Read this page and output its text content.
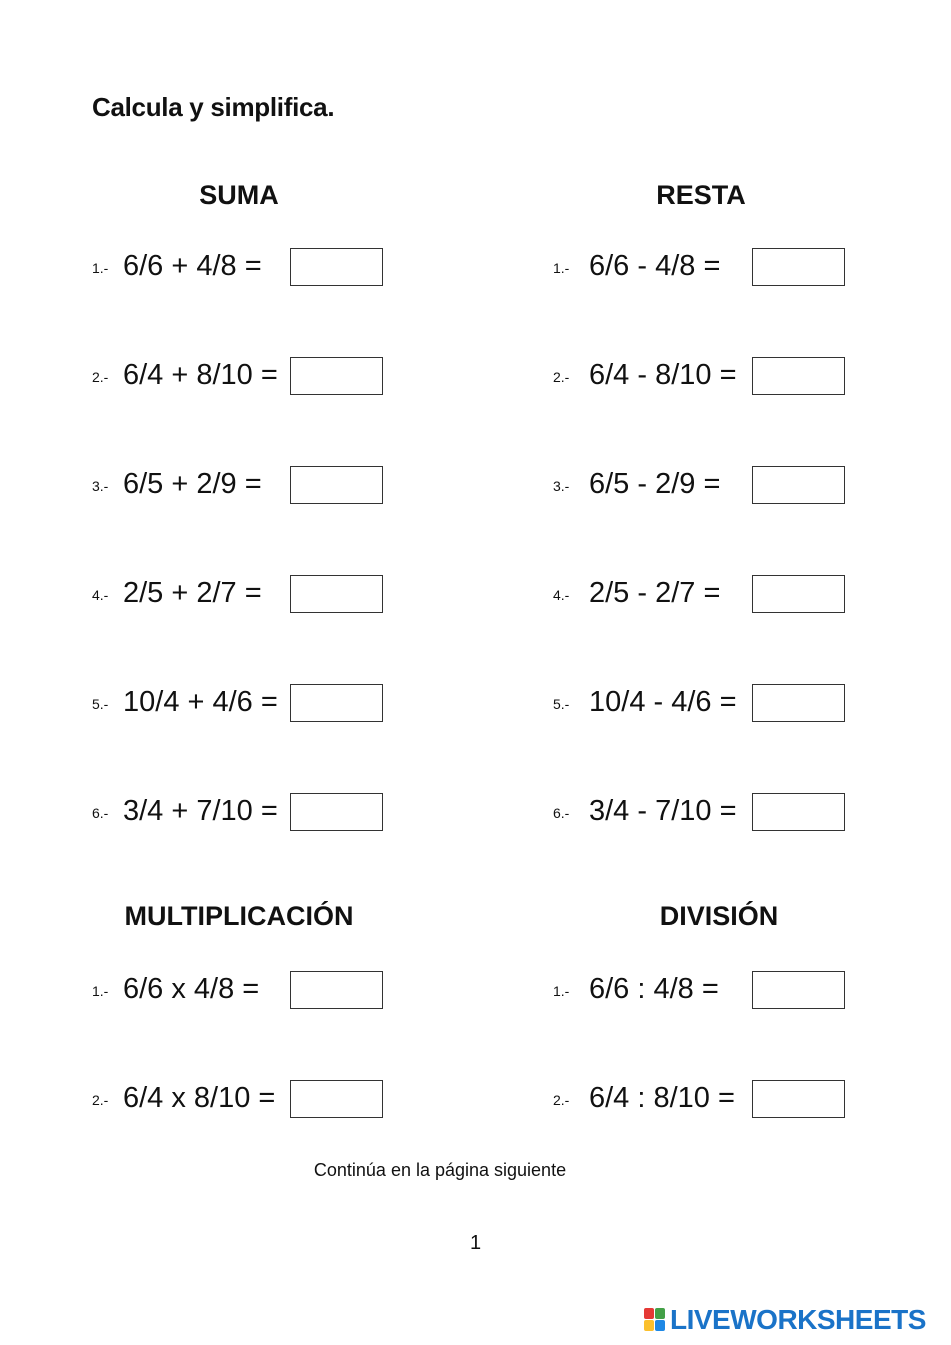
Calcula y simplifica.
SUMA	RESTA
MULTIPLICACIÓN	DIVISIÓN
1.- 6/6 + 4/8 =
2.- 6/4 + 8/10 =
3.- 6/5 + 2/9 =
4.- 2/5 + 2/7 =
5.- 10/4 + 4/6 =
6.- 3/4 + 7/10 =
1.- 6/6 - 4/8 =
2.- 6/4 - 8/10 =
3.- 6/5 - 2/9 =
4.- 2/5 - 2/7 =
5.- 10/4 - 4/6 =
6.- 3/4 - 7/10 =
1.- 6/6 x 4/8 =
2.- 6/4 x 8/10 =
1.- 6/6 : 4/8 =
2.- 6/4 : 8/10 =
Continúa en la página siguiente
1
LIVEWORKSHEETS
